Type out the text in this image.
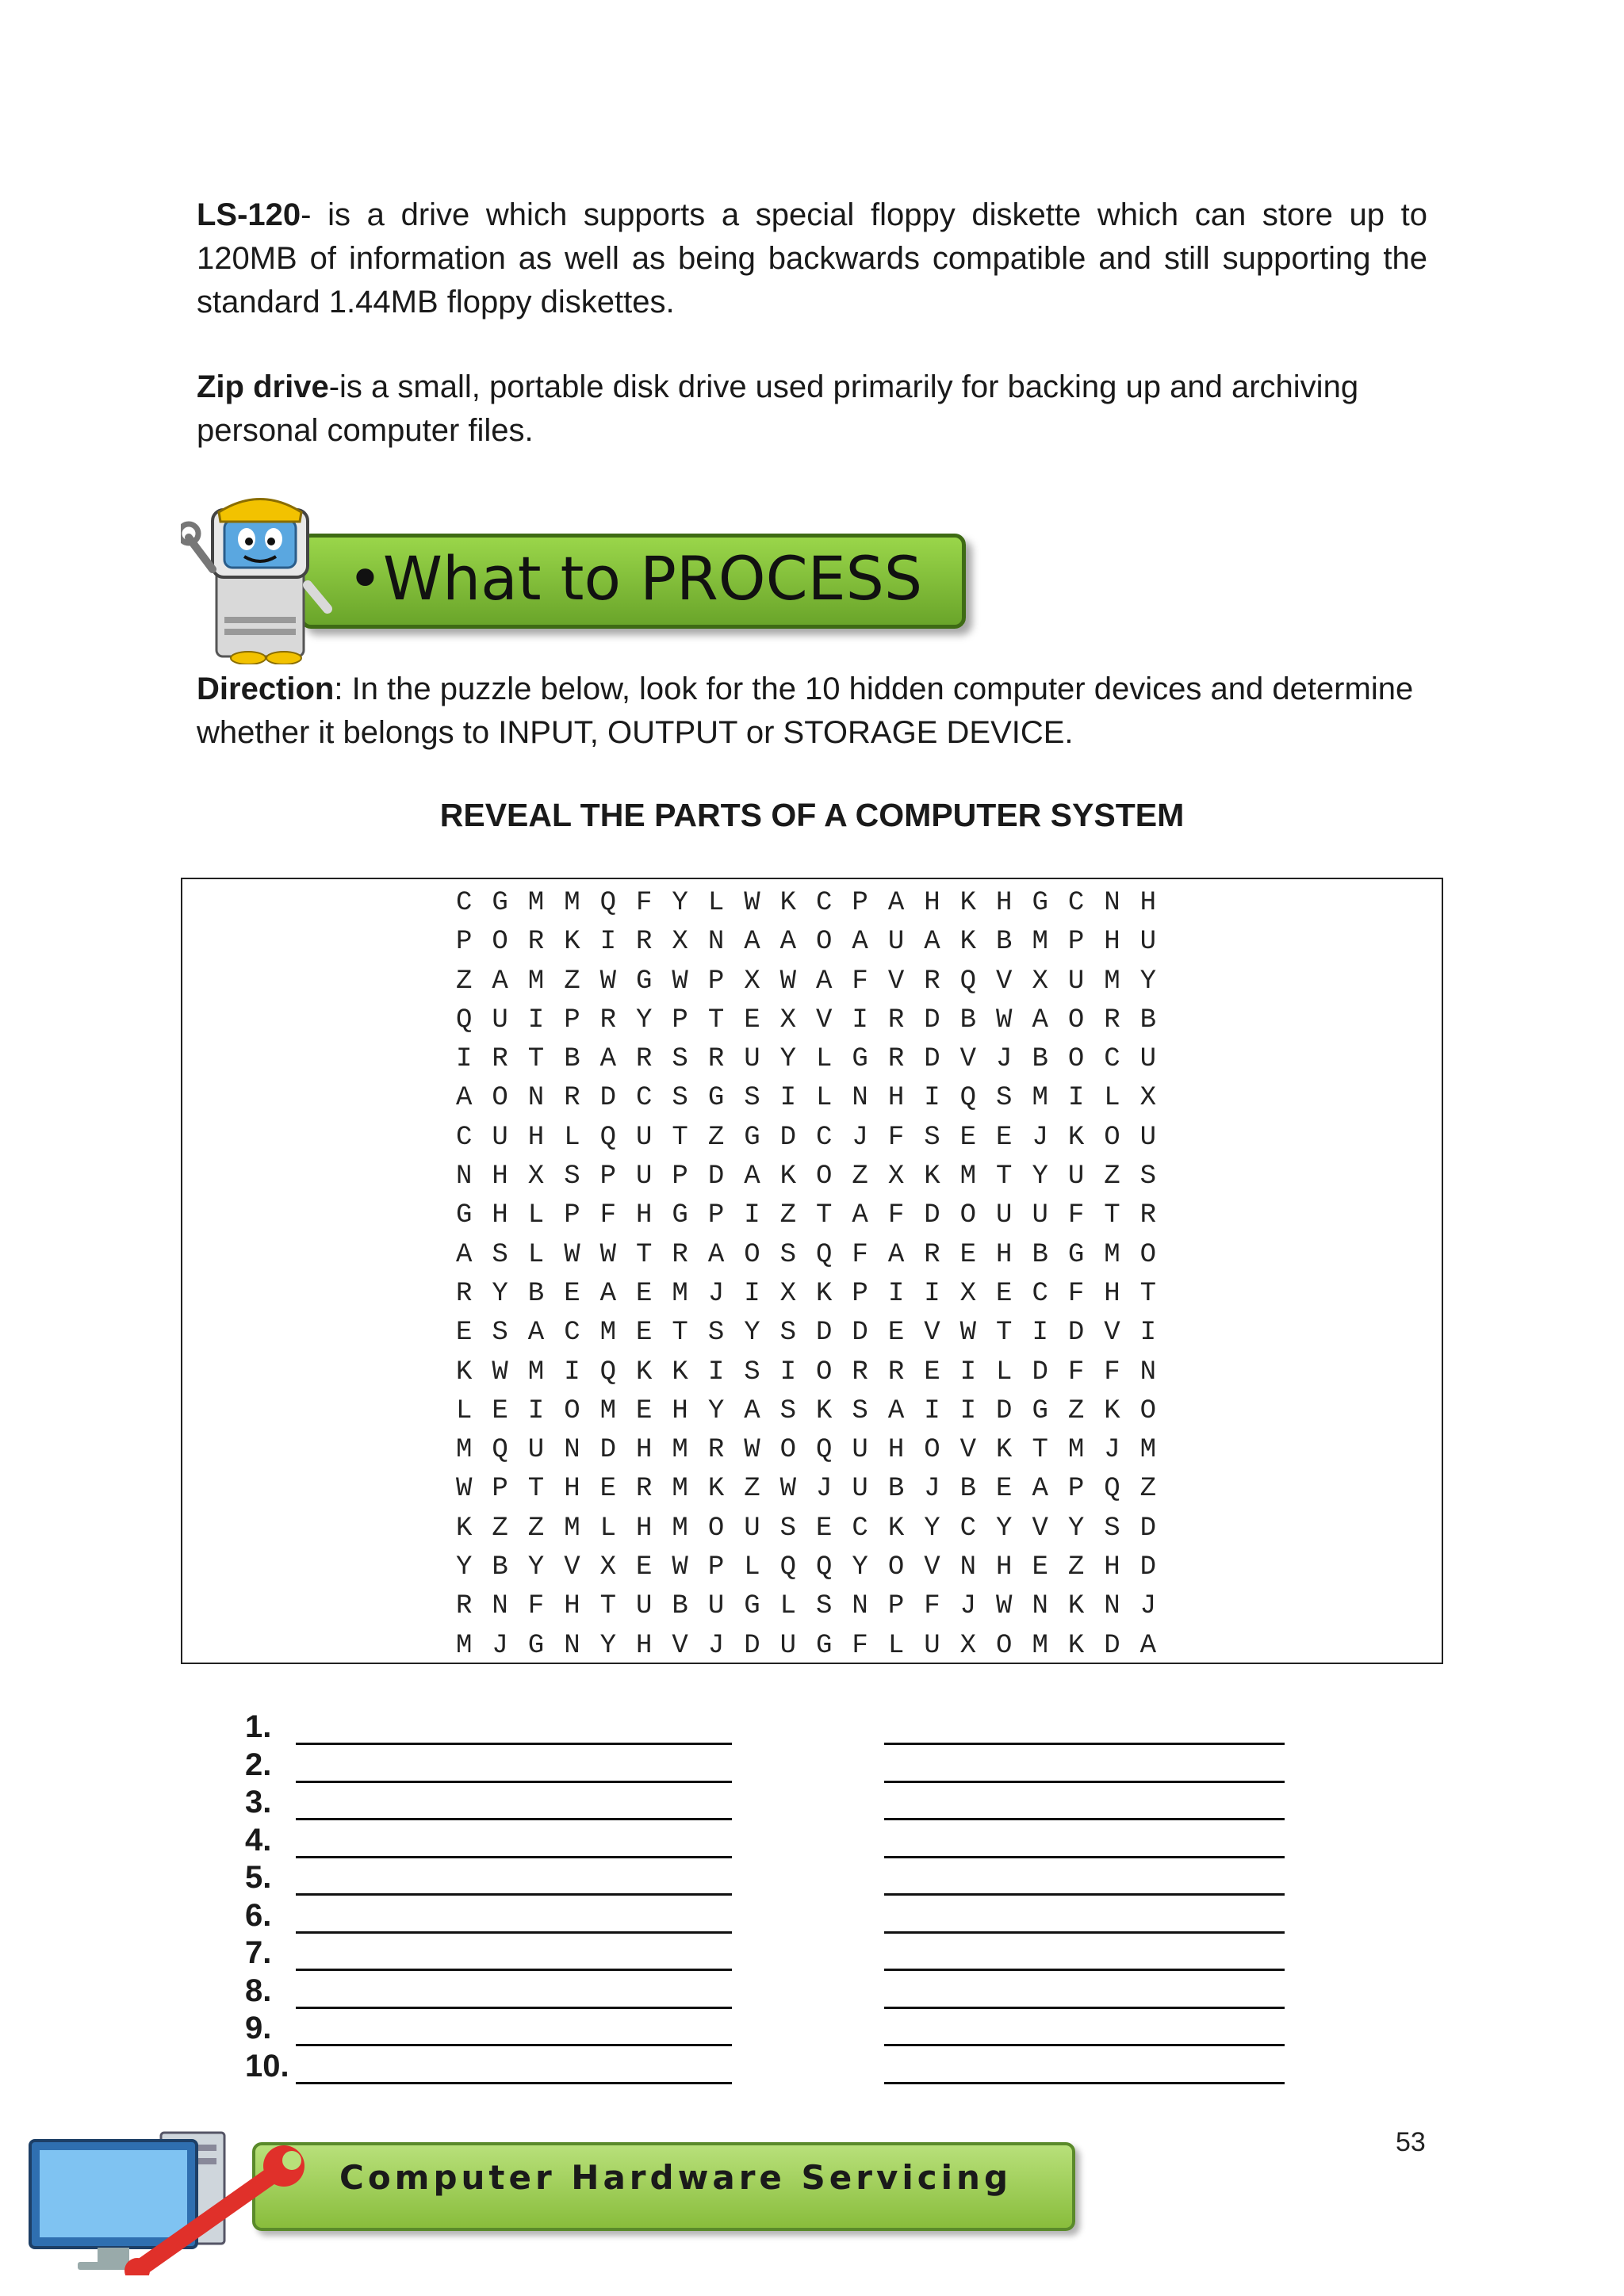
LS-120- is a drive which supports a special floppy diskette which can store up to 120MB of information as well as being backwards compatible and still supporting the standard 1.44MB floppy diskettes.

Zip drive-is a small, portable disk drive used primarily for backing up and archiving personal computer files.

•What to PROCESS

Direction: In the puzzle below, look for the 10 hidden computer devices and determine whether it belongs to INPUT, OUTPUT or STORAGE DEVICE.

REVEAL THE PARTS OF A COMPUTER SYSTEM

CGMMQFYLWKCPAHKHGCNH
PORKIRXNAAOAUAKBMPHU
ZAMZWGWPXWAFVRQVXUMY
QUIPRYPTEXVIRDBWAORB
IRTBARSRUYLGRDVJBOCU
AONRDCSGSILNHIQSMILX
CUHLQUTZGDCJFSEEJKOU
NHXSPUPDAKOZXKMTYUZS
GHLPFHGPIZTAFDOUUFTR
ASLWWTRAOSQFAREHBGMO
RYBEAEMJIXKPIIXECFHT
ESACMETSYSDDEVWTIDVI
KWMIQKKISIORREILDFFN
LEIOMEHYASKSAIIDGZKO
MQUNDHMRWOQUHOVKTMJM
WPTHERMKZWJUBJBEAPQZ
KZZMLHMOUSECKYCYVYSD
YBYVXEWPLQQYOVNHEZHD
RNFHTUBUGLSNPFJWNKNJ
MJGNYHVJDUGFLUXOMKDA
1.
2.
3.
4.
5.
6.
7.
8.
9.
10.
53
Computer Hardware Servicing
